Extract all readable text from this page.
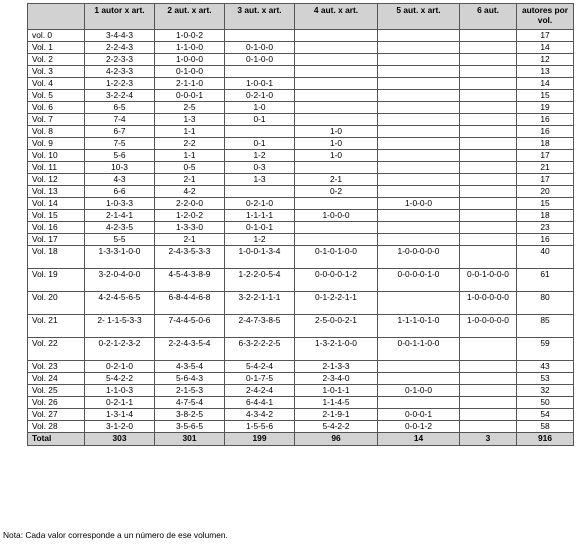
	1 autor x art.	2 aut. x art.	3 aut. x art.	4 aut. x art.	5 aut. x art.	6 aut.	autores por vol.
vol. 0	3-4-4-3	1-0-0-2					17
Vol. 1	2-2-4-3	1-1-0-0	0-1-0-0				14
Vol. 2	2-2-3-3	1-0-0-0	0-1-0-0				12
Vol. 3	4-2-3-3	0-1-0-0					13
Vol. 4	1-2-2-3	2-1-1-0	1-0-0-1				14
Vol. 5	3-2-2-4	0-0-0-1	0-2-1-0				15
Vol. 6	6-5	2-5	1-0				19
Vol. 7	7-4	1-3	0-1				16
Vol. 8	6-7	1-1		1-0			16
Vol. 9	7-5	2-2	0-1	1-0			18
Vol. 10	5-6	1-1	1-2	1-0			17
Vol. 11	10-3	0-5	0-3				21
Vol. 12	4-3	2-1	1-3	2-1			17
Vol. 13	6-6	4-2		0-2			20
Vol. 14	1-0-3-3	2-2-0-0	0-2-1-0		1-0-0-0		15
Vol. 15	2-1-4-1	1-2-0-2	1-1-1-1	1-0-0-0			18
Vol. 16	4-2-3-5	1-3-3-0	0-1-0-1				23
Vol. 17	5-5	2-1	1-2				16
Vol. 18	1-3-3-1-0-0	2-4-3-5-3-3	1-0-0-1-3-4	0-1-0-1-0-0	1-0-0-0-0-0		40
Vol. 19	3-2-0-4-0-0	4-5-4-3-8-9	1-2-2-0-5-4	0-0-0-0-1-2	0-0-0-0-1-0	0-0-1-0-0-0	61
Vol. 20	4-2-4-5-6-5	6-8-4-4-6-8	3-2-2-1-1-1	0-1-2-2-1-1		1-0-0-0-0-0	80
Vol. 21	2- 1-1-5-3-3	7-4-4-5-0-6	2-4-7-3-8-5	2-5-0-0-2-1	1-1-1-0-1-0	1-0-0-0-0-0	85
Vol. 22	0-2-1-2-3-2	2-2-4-3-5-4	6-3-2-2-2-5	1-3-2-1-0-0	0-0-1-1-0-0		59
Vol. 23	0-2-1-0	4-3-5-4	5-4-2-4	2-1-3-3			43
Vol. 24	5-4-2-2	5-6-4-3	0-1-7-5	2-3-4-0			53
Vol. 25	1-1-0-3	2-1-5-3	2-4-2-4	1-0-1-1	0-1-0-0		32
Vol. 26	0-2-1-1	4-7-5-4	6-4-4-1	1-1-4-5			50
Vol. 27	1-3-1-4	3-8-2-5	4-3-4-2	2-1-9-1	0-0-0-1		54
Vol. 28	3-1-2-0	3-5-6-5	1-5-5-6	5-4-2-2	0-0-1-2		58
Total	303	301	199	96	14	3	916
Nota: Cada valor corresponde a un número de ese volumen.
